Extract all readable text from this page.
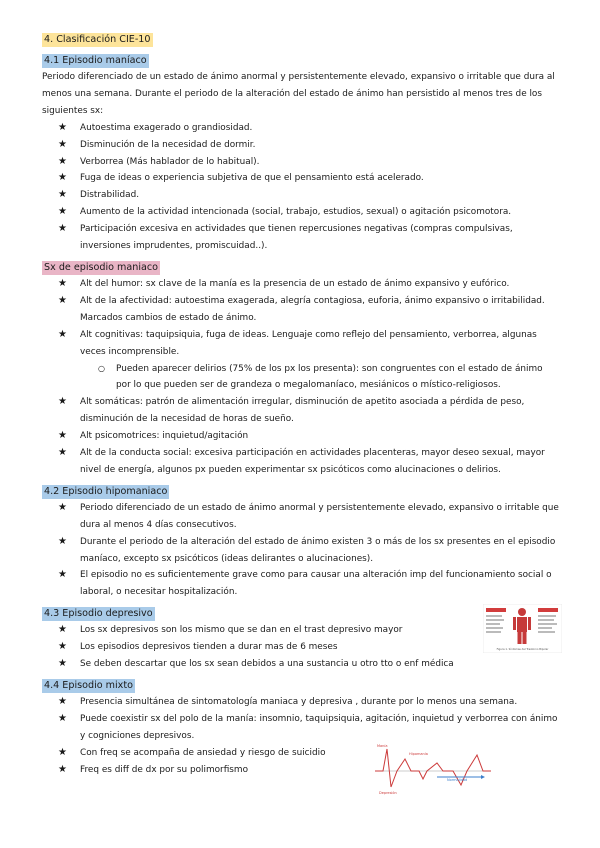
4. Clasificación CIE-10
4.1 Episodio maníaco

Periodo diferenciado de un estado de ánimo anormal y persistentemente elevado, expansivo o irritable que dura al menos una semana. Durante el periodo de la alteración del estado de ánimo han persistido al menos tres de los siguientes sx:

★ Autoestima exagerado o grandiosidad.
★ Disminución de la necesidad de dormir.
★ Verborrea (Más hablador de lo habitual).
★ Fuga de ideas o experiencia subjetiva de que el pensamiento está acelerado.
★ Distrabilidad.
★ Aumento de la actividad intencionada (social, trabajo, estudios, sexual) o agitación psicomotora.
★ Participación excesiva en actividades que tienen repercusiones negativas (compras compulsivas, inversiones imprudentes, promiscuidad..).
Sx de episodio maniaco
★ Alt del humor: sx clave de la manía es la presencia de un estado de ánimo expansivo y eufórico.
★ Alt de la afectividad: autoestima exagerada, alegría contagiosa, euforia, ánimo expansivo o irritabilidad. Marcados cambios de estado de ánimo.
★ Alt cognitivas: taquipsiquia, fuga de ideas. Lenguaje como reflejo del pensamiento, verborrea, algunas veces incomprensible.
○ Pueden aparecer delirios (75% de los px los presenta): son congruentes con el estado de ánimo por lo que pueden ser de grandeza o megalomaníaco, mesiánicos o místico-religiosos.
★ Alt somáticas: patrón de alimentación irregular, disminución de apetito asociada a pérdida de peso, disminución de la necesidad de horas de sueño.
★ Alt psicomotrices: inquietud/agitación
★ Alt de la conducta social: excesiva participación en actividades placenteras, mayor deseo sexual, mayor nivel de energía, algunos px pueden experimentar sx psicóticos como alucinaciones o delirios.
4.2 Episodio hipomaniaco
★ Periodo diferenciado de un estado de ánimo anormal y persistentemente elevado, expansivo o irritable que dura al menos 4 días consecutivos.
★ Durante el periodo de la alteración del estado de ánimo existen 3 o más de los sx presentes en el episodio maníaco, excepto sx psicóticos (ideas delirantes o alucinaciones).
★ El episodio no es suficientemente grave como para causar una alteración imp del funcionamiento social o laboral, o necesitar hospitalización.
4.3 Episodio depresivo
★ Los sx depresivos son los mismo que se dan en el trast depresivo mayor
★ Los episodios depresivos tienden a durar mas de 6 meses
★ Se deben descartar que los sx sean debidos a una sustancia u otro tto o enf médica
4.4 Episodio mixto
★ Presencia simultánea de sintomatología maniaca y depresiva , durante por lo menos una semana.
★ Puede coexistir sx del polo de la manía: insomnio, taquipsiquia, agitación, inquietud y verborrea con ánimo y cogniciones depresivos.
★ Con freq se acompaña de ansiedad y riesgo de suicidio
★ Freq es diff de dx por su polimorfismo
Figura 1. Síntomas del Trastorno Bipolar
Manía
Hipomanía
Normalidad
Depresión
